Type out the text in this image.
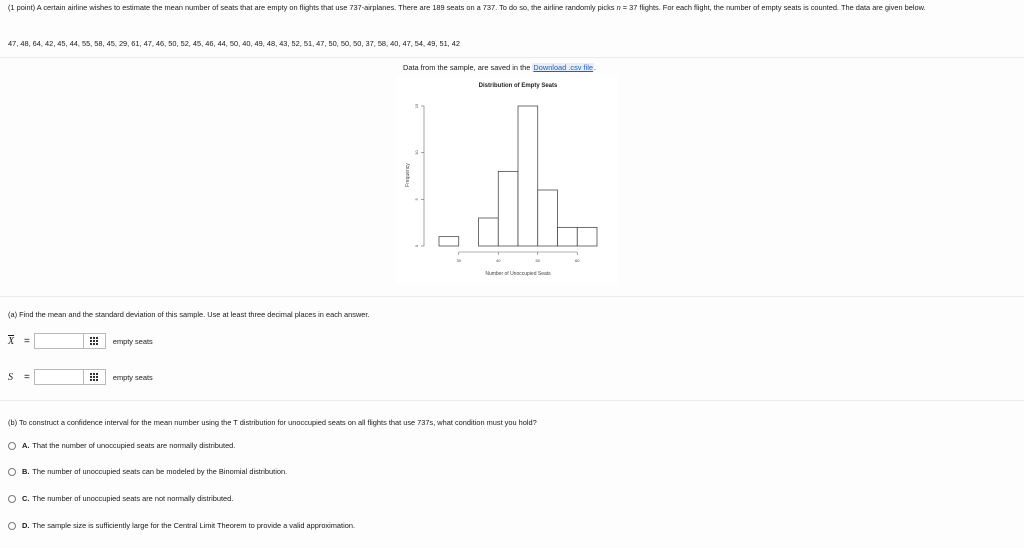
(1 point) A certain airline wishes to estimate the mean number of seats that are empty on flights that use 737-airplanes. There are 189 seats on a 737. To do so, the airline randomly picks n = 37 flights. For each flight, the number of empty seats is counted. The data are given below.
47, 48, 64, 42, 45, 44, 55, 58, 45, 29, 61, 47, 46, 50, 52, 45, 46, 44, 50, 40, 49, 48, 43, 52, 51, 47, 50, 50, 50, 37, 58, 40, 47, 54, 49, 51, 42
Data from the sample, are saved in the Download .csv file.
Distribution of Empty Seats
Frequency
Number of Unoccupied Seats
0
5
10
15
30	40	50	60
(a) Find the mean and the standard deviation of this sample. Use at least three decimal places in each answer.
$\overline{X}$ =	empty seats
S	=	empty seats
(b) To construct a confidence interval for the mean number using the T distribution for unoccupied seats on all flights that use 737s, what condition must you hold?
A. That the number of unoccupied seats are normally distributed.
B. The number of unoccupied seats can be modeled by the Binomial distribution.
C. The number of unoccupied seats are not normally distributed.
D. The sample size is sufficiently large for the Central Limit Theorem to provide a valid approximation.
